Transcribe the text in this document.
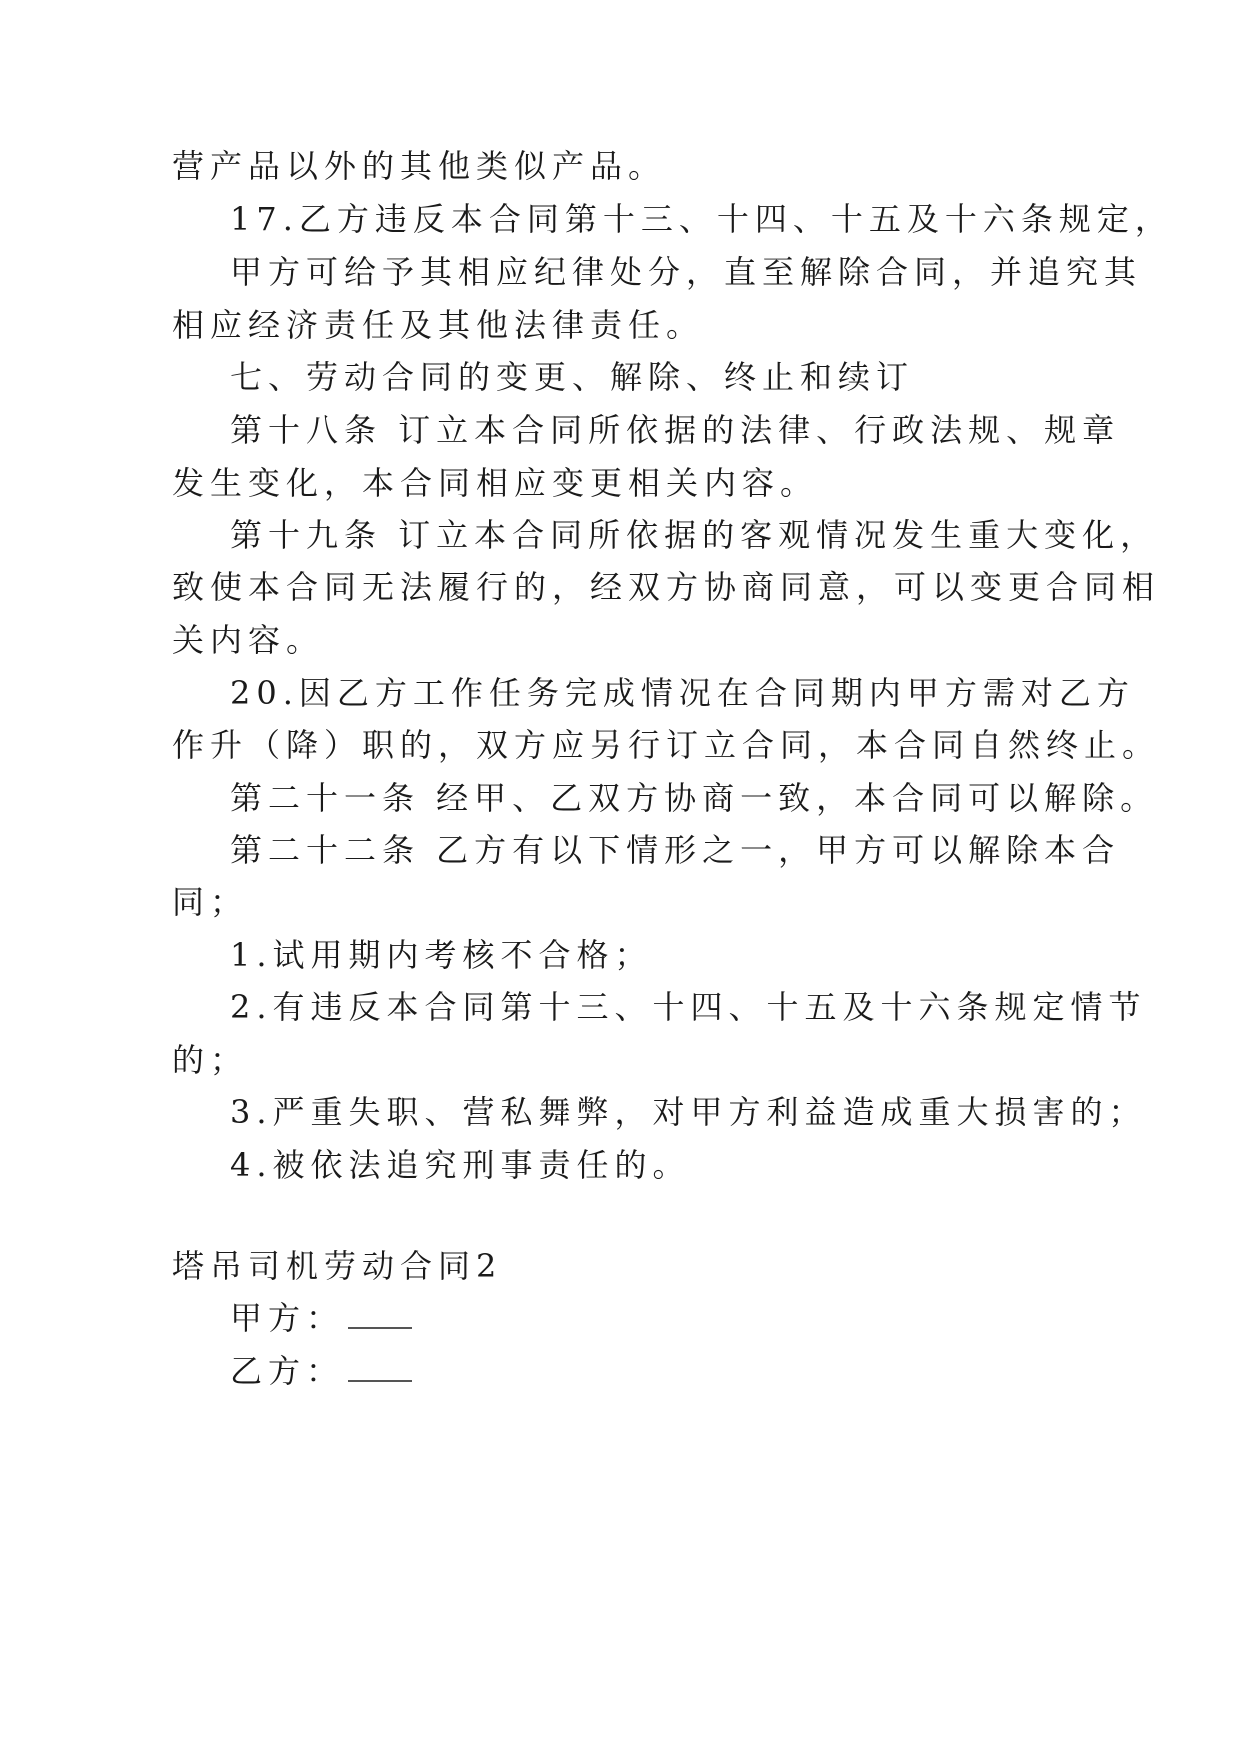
营产品以外的其他类似产品。
17.乙方违反本合同第十三、十四、十五及十六条规定，
甲方可给予其相应纪律处分，直至解除合同，并追究其
相应经济责任及其他法律责任。
七、劳动合同的变更、解除、终止和续订
第十八条 订立本合同所依据的法律、行政法规、规章
发生变化，本合同相应变更相关内容。
第十九条 订立本合同所依据的客观情况发生重大变化，
致使本合同无法履行的，经双方协商同意，可以变更合同相
关内容。
20.因乙方工作任务完成情况在合同期内甲方需对乙方
作升（降）职的，双方应另行订立合同，本合同自然终止。
第二十一条 经甲、乙双方协商一致，本合同可以解除。
第二十二条 乙方有以下情形之一，甲方可以解除本合
同；
1.试用期内考核不合格；
2.有违反本合同第十三、十四、十五及十六条规定情节
的；
3.严重失职、营私舞弊，对甲方利益造成重大损害的；
4.被依法追究刑事责任的。
塔吊司机劳动合同2
甲方：
乙方：
